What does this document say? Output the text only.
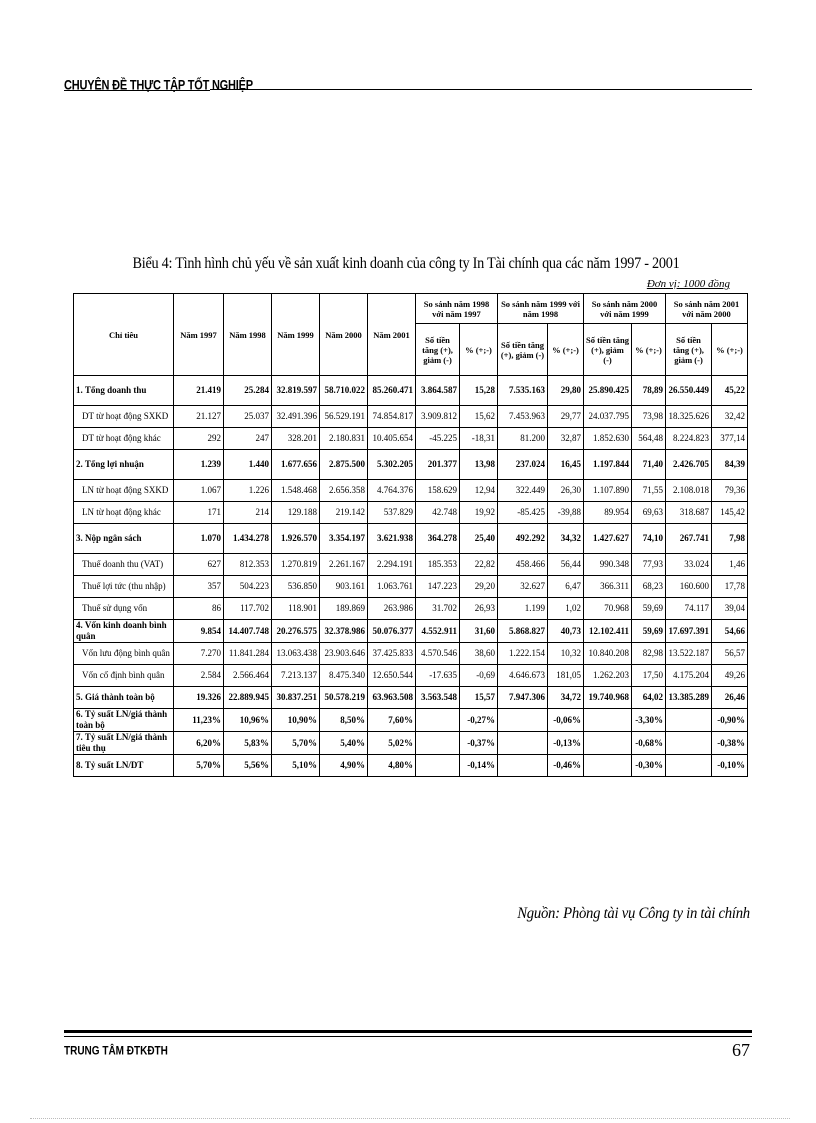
CHUYÊN ĐỀ THỰC TẬP TỐT NGHIỆP
Biểu 4: Tình hình chủ yếu về sản xuất kinh doanh của công ty In Tài chính qua các năm 1997 - 2001
Đơn vị: 1000 đồng
Chỉ tiêu	Năm 1997	Năm 1998	Năm 1999	Năm 2000	Năm 2001	So sánh năm 1998 với năm 1997		So sánh năm 1999 với năm 1998		So sánh năm 2000 với năm 1999		So sánh năm 2001 với năm 2000	
						Số tiền tăng (+), giảm (-)	% (+;-)	Số tiền tăng (+), giảm (-)	% (+;-)	Số tiền tăng (+), giảm (-)	% (+;-)	Số tiền tăng (+), giảm (-)	% (+;-)
1. Tổng doanh thu	21.419	25.284	32.819.597	58.710.022	85.260.471	3.864.587	15,28	7.535.163	29,80	25.890.425	78,89	26.550.449	45,22
DT từ hoạt động SXKD	21.127	25.037	32.491.396	56.529.191	74.854.817	3.909.812	15,62	7.453.963	29,77	24.037.795	73,98	18.325.626	32,42
DT từ hoạt động khác	292	247	328.201	2.180.831	10.405.654	-45.225	-18,31	81.200	32,87	1.852.630	564,48	8.224.823	377,14
2. Tổng lợi nhuận	1.239	1.440	1.677.656	2.875.500	5.302.205	201.377	13,98	237.024	16,45	1.197.844	71,40	2.426.705	84,39
LN từ hoạt động SXKD	1.067	1.226	1.548.468	2.656.358	4.764.376	158.629	12,94	322.449	26,30	1.107.890	71,55	2.108.018	79,36
LN từ hoạt động khác	171	214	129.188	219.142	537.829	42.748	19,92	-85.425	-39,88	89.954	69,63	318.687	145,42
3. Nộp ngân sách	1.070	1.434.278	1.926.570	3.354.197	3.621.938	364.278	25,40	492.292	34,32	1.427.627	74,10	267.741	7,98
Thuế doanh thu (VAT)	627	812.353	1.270.819	2.261.167	2.294.191	185.353	22,82	458.466	56,44	990.348	77,93	33.024	1,46
Thuế lợi tức (thu nhập)	357	504.223	536.850	903.161	1.063.761	147.223	29,20	32.627	6,47	366.311	68,23	160.600	17,78
Thuế sử dụng vốn	86	117.702	118.901	189.869	263.986	31.702	26,93	1.199	1,02	70.968	59,69	74.117	39,04
4. Vốn kinh doanh bình quân	9.854	14.407.748	20.276.575	32.378.986	50.076.377	4.552.911	31,60	5.868.827	40,73	12.102.411	59,69	17.697.391	54,66
Vốn lưu động bình quân	7.270	11.841.284	13.063.438	23.903.646	37.425.833	4.570.546	38,60	1.222.154	10,32	10.840.208	82,98	13.522.187	56,57
Vốn cố định bình quân	2.584	2.566.464	7.213.137	8.475.340	12.650.544	-17.635	-0,69	4.646.673	181,05	1.262.203	17,50	4.175.204	49,26
5. Giá thành toàn bộ	19.326	22.889.945	30.837.251	50.578.219	63.963.508	3.563.548	15,57	7.947.306	34,72	19.740.968	64,02	13.385.289	26,46
6. Tỷ suất LN/giá thành toàn bộ	11,23%	10,96%	10,90%	8,50%	7,60%		-0,27%		-0,06%		-3,30%		-0,90%
7. Tỷ suất LN/giá thành tiêu thụ	6,20%	5,83%	5,70%	5,40%	5,02%		-0,37%		-0,13%		-0,68%		-0,38%
8. Tỷ suất LN/DT	5,70%	5,56%	5,10%	4,90%	4,80%		-0,14%		-0,46%		-0,30%		-0,10%
Nguồn: Phòng tài vụ Công ty in tài chính
TRUNG TÂM ĐTKĐTH	67
